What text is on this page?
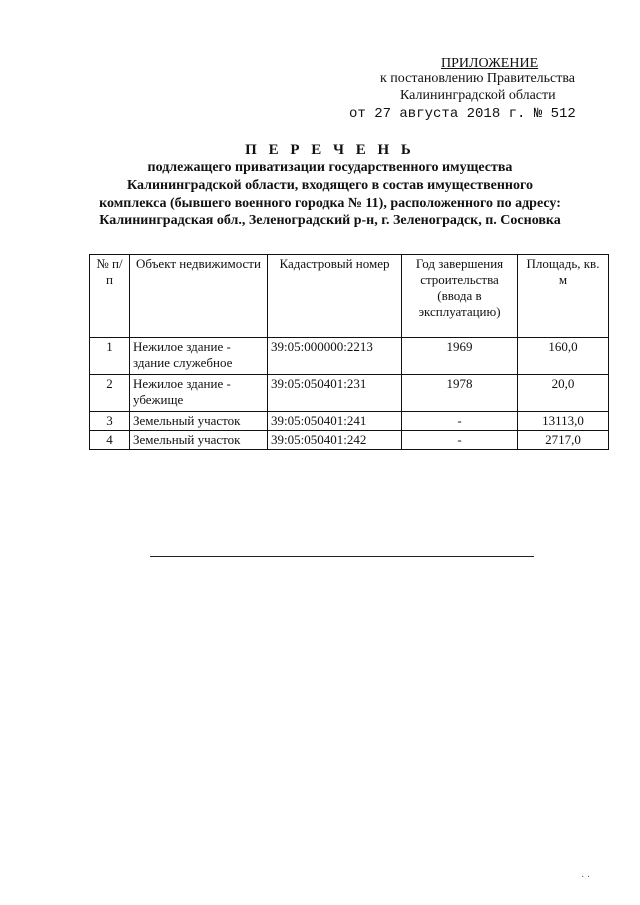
ПРИЛОЖЕНИЕ
к постановлению Правительства
Калининградской области
от 27 августа 2018 г. № 512
П Е Р Е Ч Е Н Ь
подлежащего приватизации государственного имущества
Калининградской области, входящего в состав имущественного
комплекса (бывшего военного городка № 11), расположенного по адресу:
Калининградская обл., Зеленоградский р-н, г. Зеленоградск, п. Сосновка
№ п/п	Объект недвижимости	Кадастровый номер	Год завершения строительства (ввода в эксплуатацию)	Площадь, кв. м
1	Нежилое здание - здание служебное	39:05:000000:2213	1969	160,0
2	Нежилое здание - убежище	39:05:050401:231	1978	20,0
3	Земельный участок	39:05:050401:241	-	13113,0
4	Земельный участок	39:05:050401:242	-	2717,0
· ·
